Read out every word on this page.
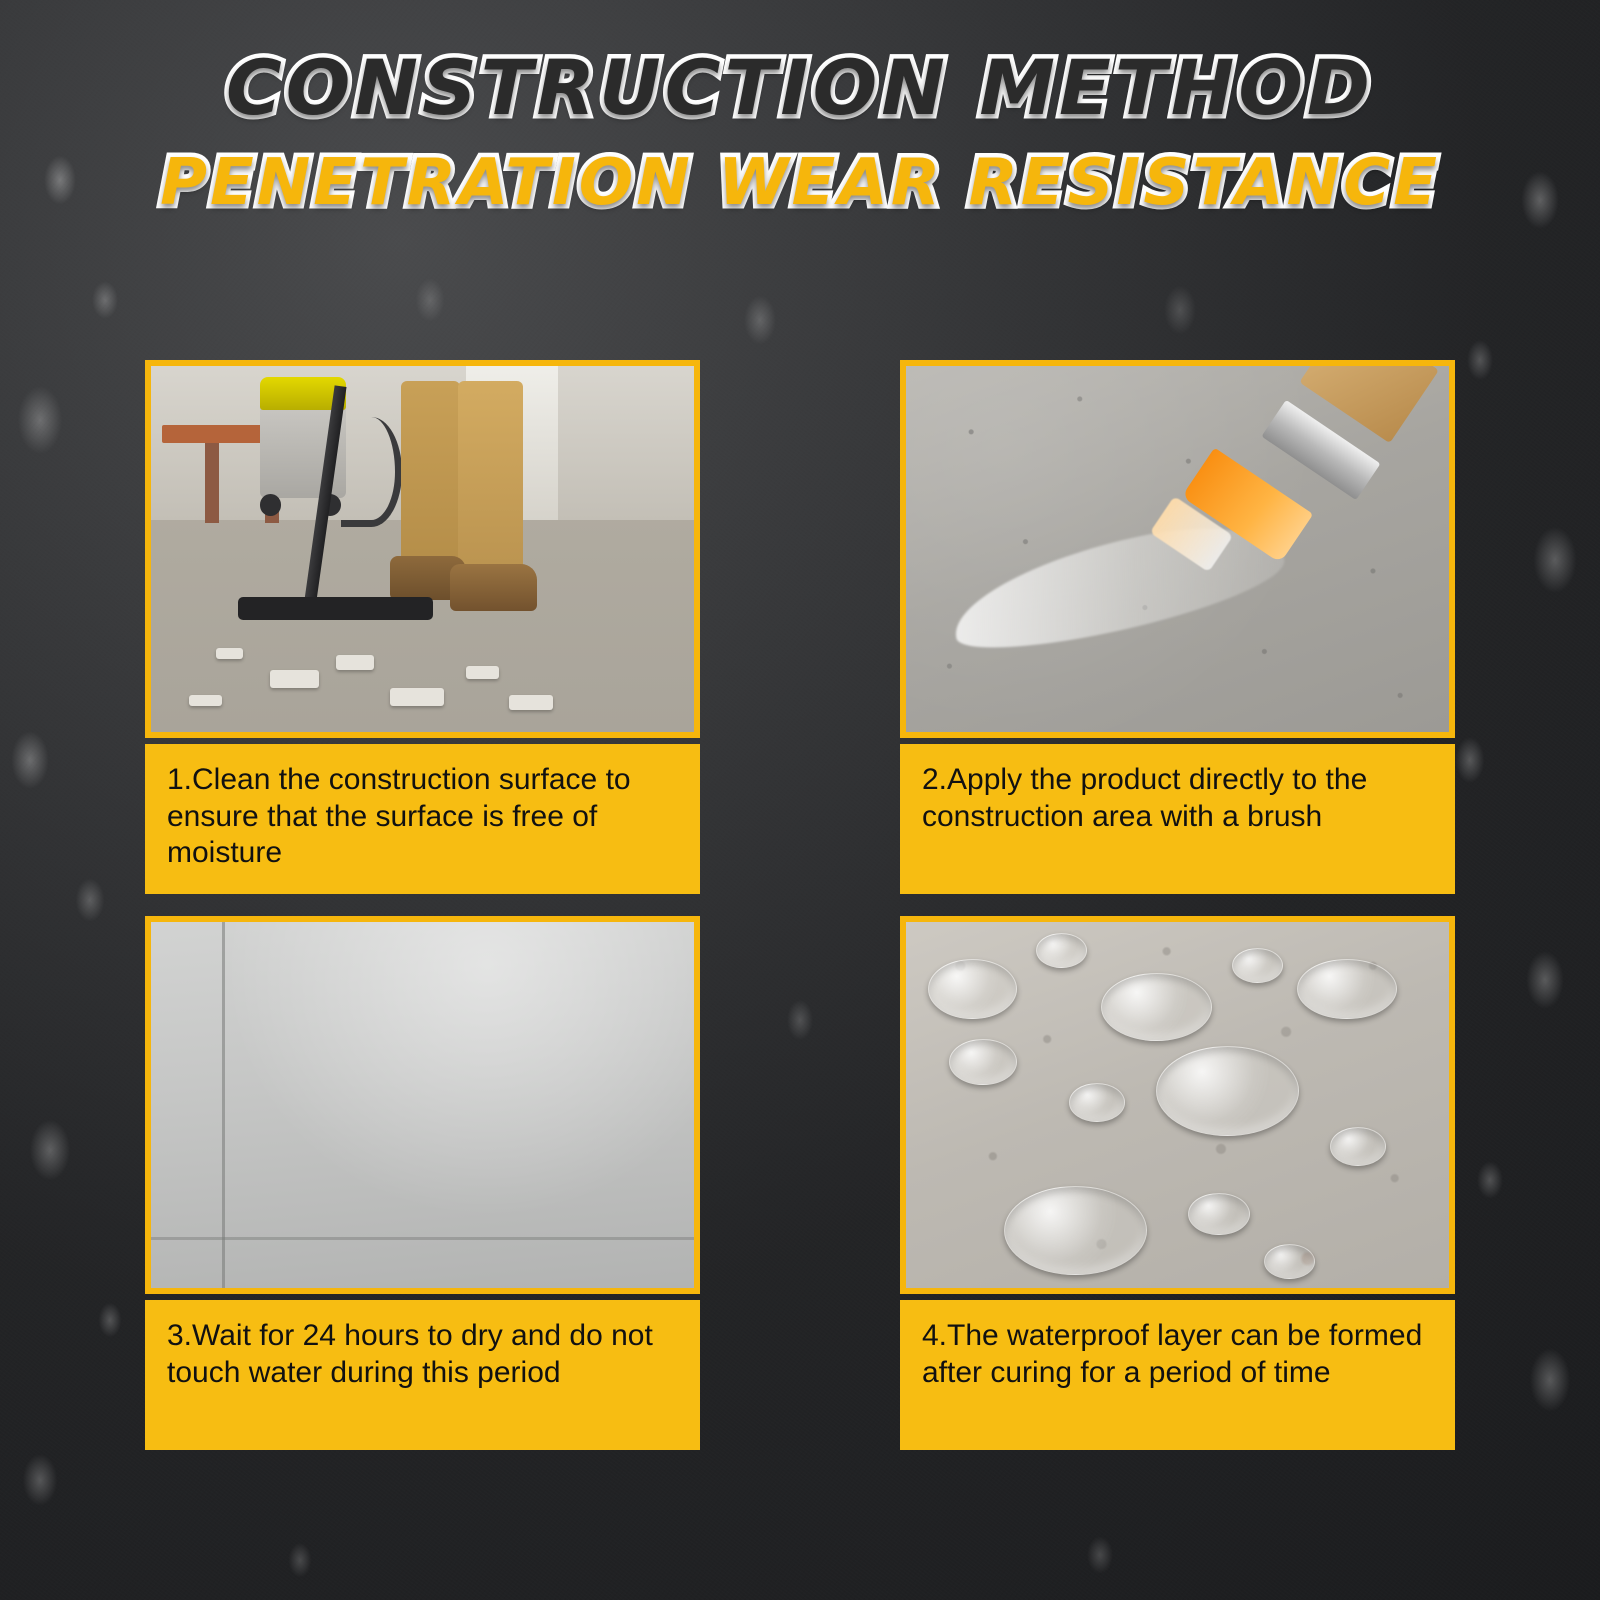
CONSTRUCTION METHOD
PENETRATION WEAR RESISTANCE
1.Clean the construction surface to ensure that the surface is free of moisture
2.Apply the product directly to the construction area with a brush
3.Wait for 24 hours to dry and do not touch water during this period
4.The waterproof layer can be formed after curing for a period of time
